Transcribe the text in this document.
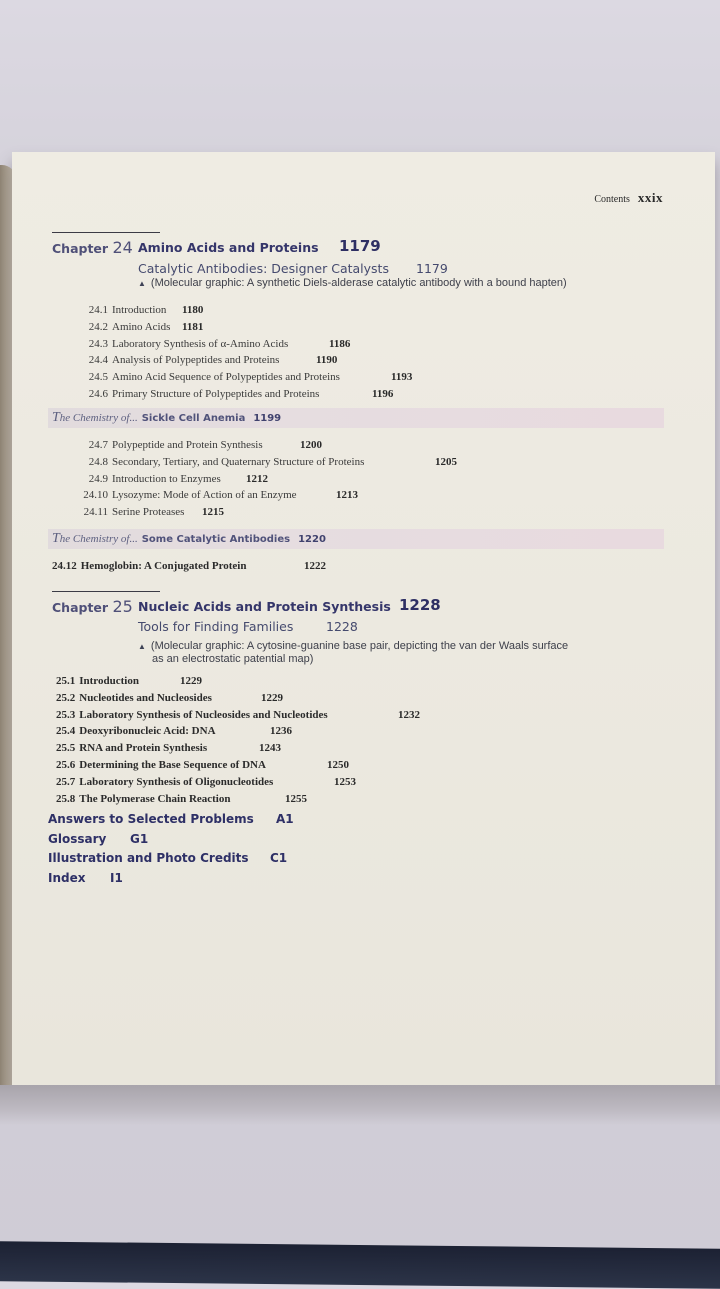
Contents xxix
Chapter 24 Amino Acids and Proteins 1179
Catalytic Antibodies: Designer Catalysts 1179
▲ (Molecular graphic: A synthetic Diels-alderase catalytic antibody with a bound hapten)
24.1 Introduction 1180
24.2 Amino Acids 1181
24.3 Laboratory Synthesis of α-Amino Acids	1186
24.4 Analysis of Polypeptides and Proteins	1190
24.5 Amino Acid Sequence of Polypeptides and Proteins	1193
24.6 Primary Structure of Polypeptides and Proteins	1196
The Chemistry of... Sickle Cell Anemia 1199
24.7 Polypeptide and Protein Synthesis	1200
24.8 Secondary, Tertiary, and Quaternary Structure of Proteins	1205
24.9 Introduction to Enzymes 1212
24.10 Lysozyme: Mode of Action of an Enzyme	1213
24.11 Serine Proteases 1215
The Chemistry of... Some Catalytic Antibodies 1220
24.12 Hemoglobin: A Conjugated Protein	1222
Chapter 25 Nucleic Acids and Protein Synthesis 1228
Tools for Finding Families	1228
▲ (Molecular graphic: A cytosine-guanine base pair, depicting the van der Waals surface
as an electrostatic patential map)
25.1 Introduction	1229
25.2 Nucleotides and Nucleosides	1229
25.3 Laboratory Synthesis of Nucleosides and Nucleotides	1232
25.4 Deoxyribonucleic Acid: DNA	1236
25.5 RNA and Protein Synthesis	1243
25.6 Determining the Base Sequence of DNA	1250
25.7 Laboratory Synthesis of Oligonucleotides	1253
25.8 The Polymerase Chain Reaction	1255
Answers to Selected Problems A1
Glossary G1
Illustration and Photo Credits C1
Index I1
